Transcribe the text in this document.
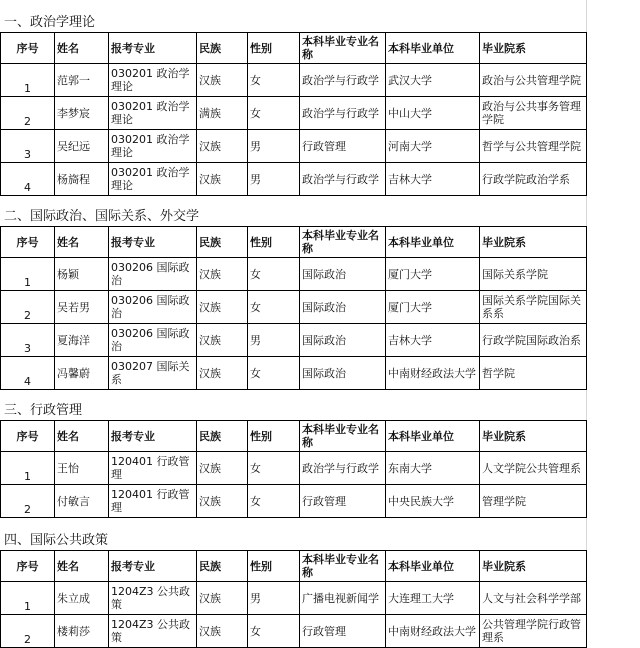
一、政治学理论
序号	姓名	报考专业	民族	性别	本科毕业专业名称	本科毕业单位	毕业院系
1	范郭一	030201 政治学理论	汉族	女	政治学与行政学	武汉大学	政治与公共管理学院
2	李梦宸	030201 政治学理论	满族	女	政治学与行政学	中山大学	政治与公共事务管理学院
3	吴纪远	030201 政治学理论	汉族	男	行政管理	河南大学	哲学与公共管理学院
4	杨旖程	030201 政治学理论	汉族	男	政治学与行政学	吉林大学	行政学院政治学系
二、国际政治、国际关系、外交学
序号	姓名	报考专业	民族	性别	本科毕业专业名称	本科毕业单位	毕业院系
1	杨颖	030206 国际政治	汉族	女	国际政治	厦门大学	国际关系学院
2	吴若男	030206 国际政治	汉族	女	国际政治	厦门大学	国际关系学院国际关系系
3	夏海洋	030206 国际政治	汉族	男	国际政治	吉林大学	行政学院国际政治系
4	冯馨蔚	030207 国际关系	汉族	女	国际政治	中南财经政法大学	哲学院
三、行政管理
序号	姓名	报考专业	民族	性别	本科毕业专业名称	本科毕业单位	毕业院系
1	王怡	120401 行政管理	汉族	女	政治学与行政学	东南大学	人文学院公共管理系
2	付敏言	120401 行政管理	汉族	女	行政管理	中央民族大学	管理学院
四、国际公共政策
序号	姓名	报考专业	民族	性别	本科毕业专业名称	本科毕业单位	毕业院系
1	朱立成	1204Z3 公共政策	汉族	男	广播电视新闻学	大连理工大学	人文与社会科学学部
2	楼莉莎	1204Z3 公共政策	汉族	女	行政管理	中南财经政法大学	公共管理学院行政管理系
